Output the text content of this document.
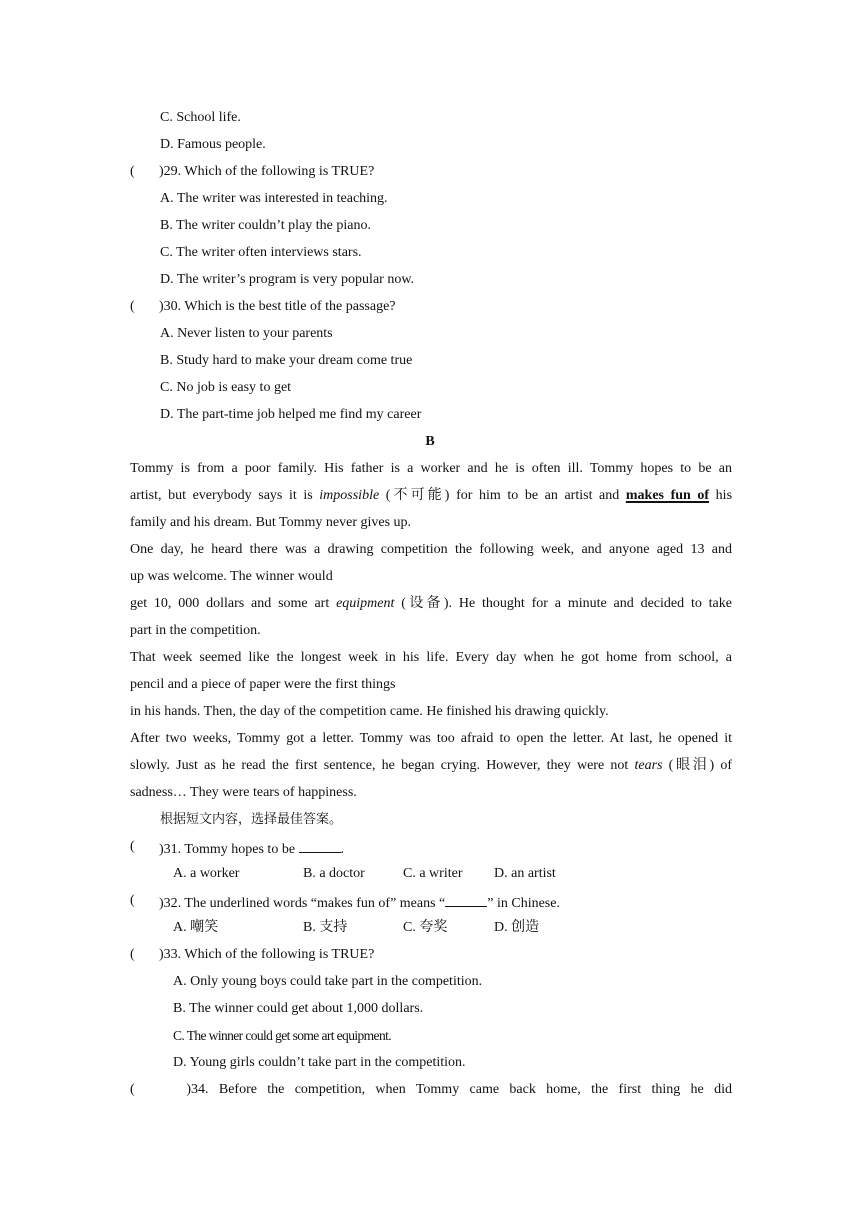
C. School life.
D. Famous people.
( )29. Which of the following is TRUE?
A. The writer was interested in teaching.
B. The writer couldn’t play the piano.
C. The writer often interviews stars.
D. The writer’s program is very popular now.
( )30. Which is the best title of the passage?
A. Never listen to your parents
B. Study hard to make your dream come true
C. No job is easy to get
D. The part-time job helped me find my career
B
Tommy is from a poor family. His father is a worker and he is often ill. Tommy hopes to be an
artist, but everybody says it is impossible (不可能) for him to be an artist and makes fun of his
family and his dream. But Tommy never gives up.
One day, he heard there was a drawing competition the following week, and anyone aged 13 and
up was welcome. The winner would
get 10, 000 dollars and some art equipment (设备). He thought for a minute and decided to take
part in the competition.
That week seemed like the longest week in his life. Every day when he got home from school, a
pencil and a piece of paper were the first things
in his hands. Then, the day of the competition came. He finished his drawing quickly.
After two weeks, Tommy got a letter. Tommy was too afraid to open the letter. At last, he opened it
slowly. Just as he read the first sentence, he began crying. However, they were not tears (眼泪) of
sadness… They were tears of happiness.
根据短文内容，选择最佳答案。
( )31. Tommy hopes to be	.
A. a worker	B. a doctor	C. a writer D. an artist
( )32. The underlined words “makes fun of” means “	” in Chinese.
A. 嘲笑	B. 支持	C. 夸奖	D. 创造
( )33. Which of the following is TRUE?
A. Only young boys could take part in the competition.
B. The winner could get about 1,000 dollars.
C. The winner could get some art equipment.
D. Young girls couldn’t take part in the competition.
(          )34.  Before  the  competition,  when  Tommy  came  back  home,  the  first  thing  he  did
